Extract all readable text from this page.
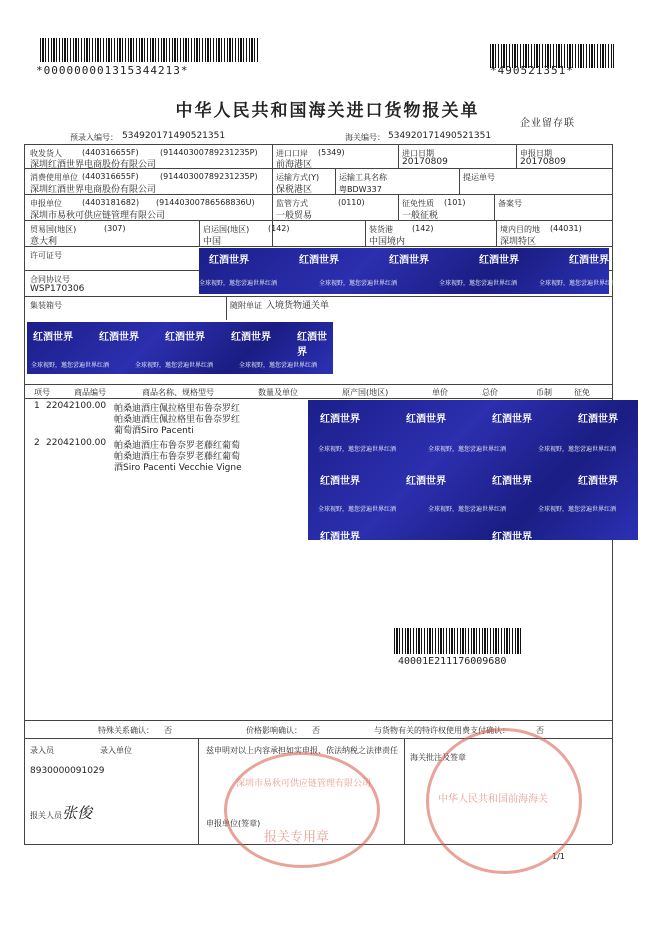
*000000001315344213*	*490521351*
中华人民共和国海关进口货物报关单
企业留存联
预录入编号： 534920171490521351	海关编号： 534920171490521351
收发货人	(440316655F)	(91440300789231235P)
深圳红酒世界电商股份有限公司
进口口岸 (5349)
前海港区
进口日期
20170809
申报日期
20170809
消费使用单位 (440316655F)	(91440300789231235P)
深圳红酒世界电商股份有限公司
运输方式(Y)
保税港区
运输工具名称
粤BDW337
提运单号
申报单位	(4403181682) (91440300786568836U)
深圳市易秋可供应链管理有限公司
监管方式	(0110)
一般贸易
征免性质 (101)
一般征税
备案号
贸易国(地区)	(307)
意大利
启运国(地区) (142)
中国
装货港 (142)
中国境内
境内目的地 (44031)
深圳特区
许可证号
合同协议号
WSP170306
集装箱号	随附单证 入境货物通关单
红酒世界	红酒世界	红酒世界	红酒世界	红酒世界
全球视野，邀您尝遍世界红酒	全球视野，邀您尝遍世界红酒	全球视野，邀您尝遍世界红酒	全球视野，邀您尝遍世界红酒
红酒世界	红酒世界	红酒世界	红酒世界	红酒世界
全球视野，邀您尝遍世界红酒	全球视野，邀您尝遍世界红酒	全球视野，邀您尝遍世界红酒
红酒世界	红酒世界	红酒世界	红酒世界
全球视野，邀您尝遍世界红酒	全球视野，邀您尝遍世界红酒	全球视野，邀您尝遍世界红酒
红酒世界	红酒世界	红酒世界	红酒世界
全球视野，邀您尝遍世界红酒	全球视野，邀您尝遍世界红酒	全球视野，邀您尝遍世界红酒
红酒世界	红酒世界
项号	商品编号	商品名称、规格型号	数量及单位	原产国(地区)	单价	总价	币制	征免
1 22042100.00 帕桑迪酒庄佩拉格里布鲁奈罗红
帕桑迪酒庄佩拉格里布鲁奈罗红
葡萄酒Siro Pacenti
2 22042100.00 帕桑迪酒庄布鲁奈罗老藤红葡萄
帕桑迪酒庄布鲁奈罗老藤红葡萄
酒Siro Pacenti Vecchie Vigne
40001E211176009680
特殊关系确认： 否	价格影响确认： 否	与货物有关的特许权使用费支付确认：	否
录入员	录入单位
8930000091029
兹申明对以上内容承担如实申报、依法纳税之法律责任
海关批注及签章
报关人员 张俊
申报单位(签章)
1/1
深圳市易秋可供应链管理有限公司
报关专用章
中华人民共和国前海海关
